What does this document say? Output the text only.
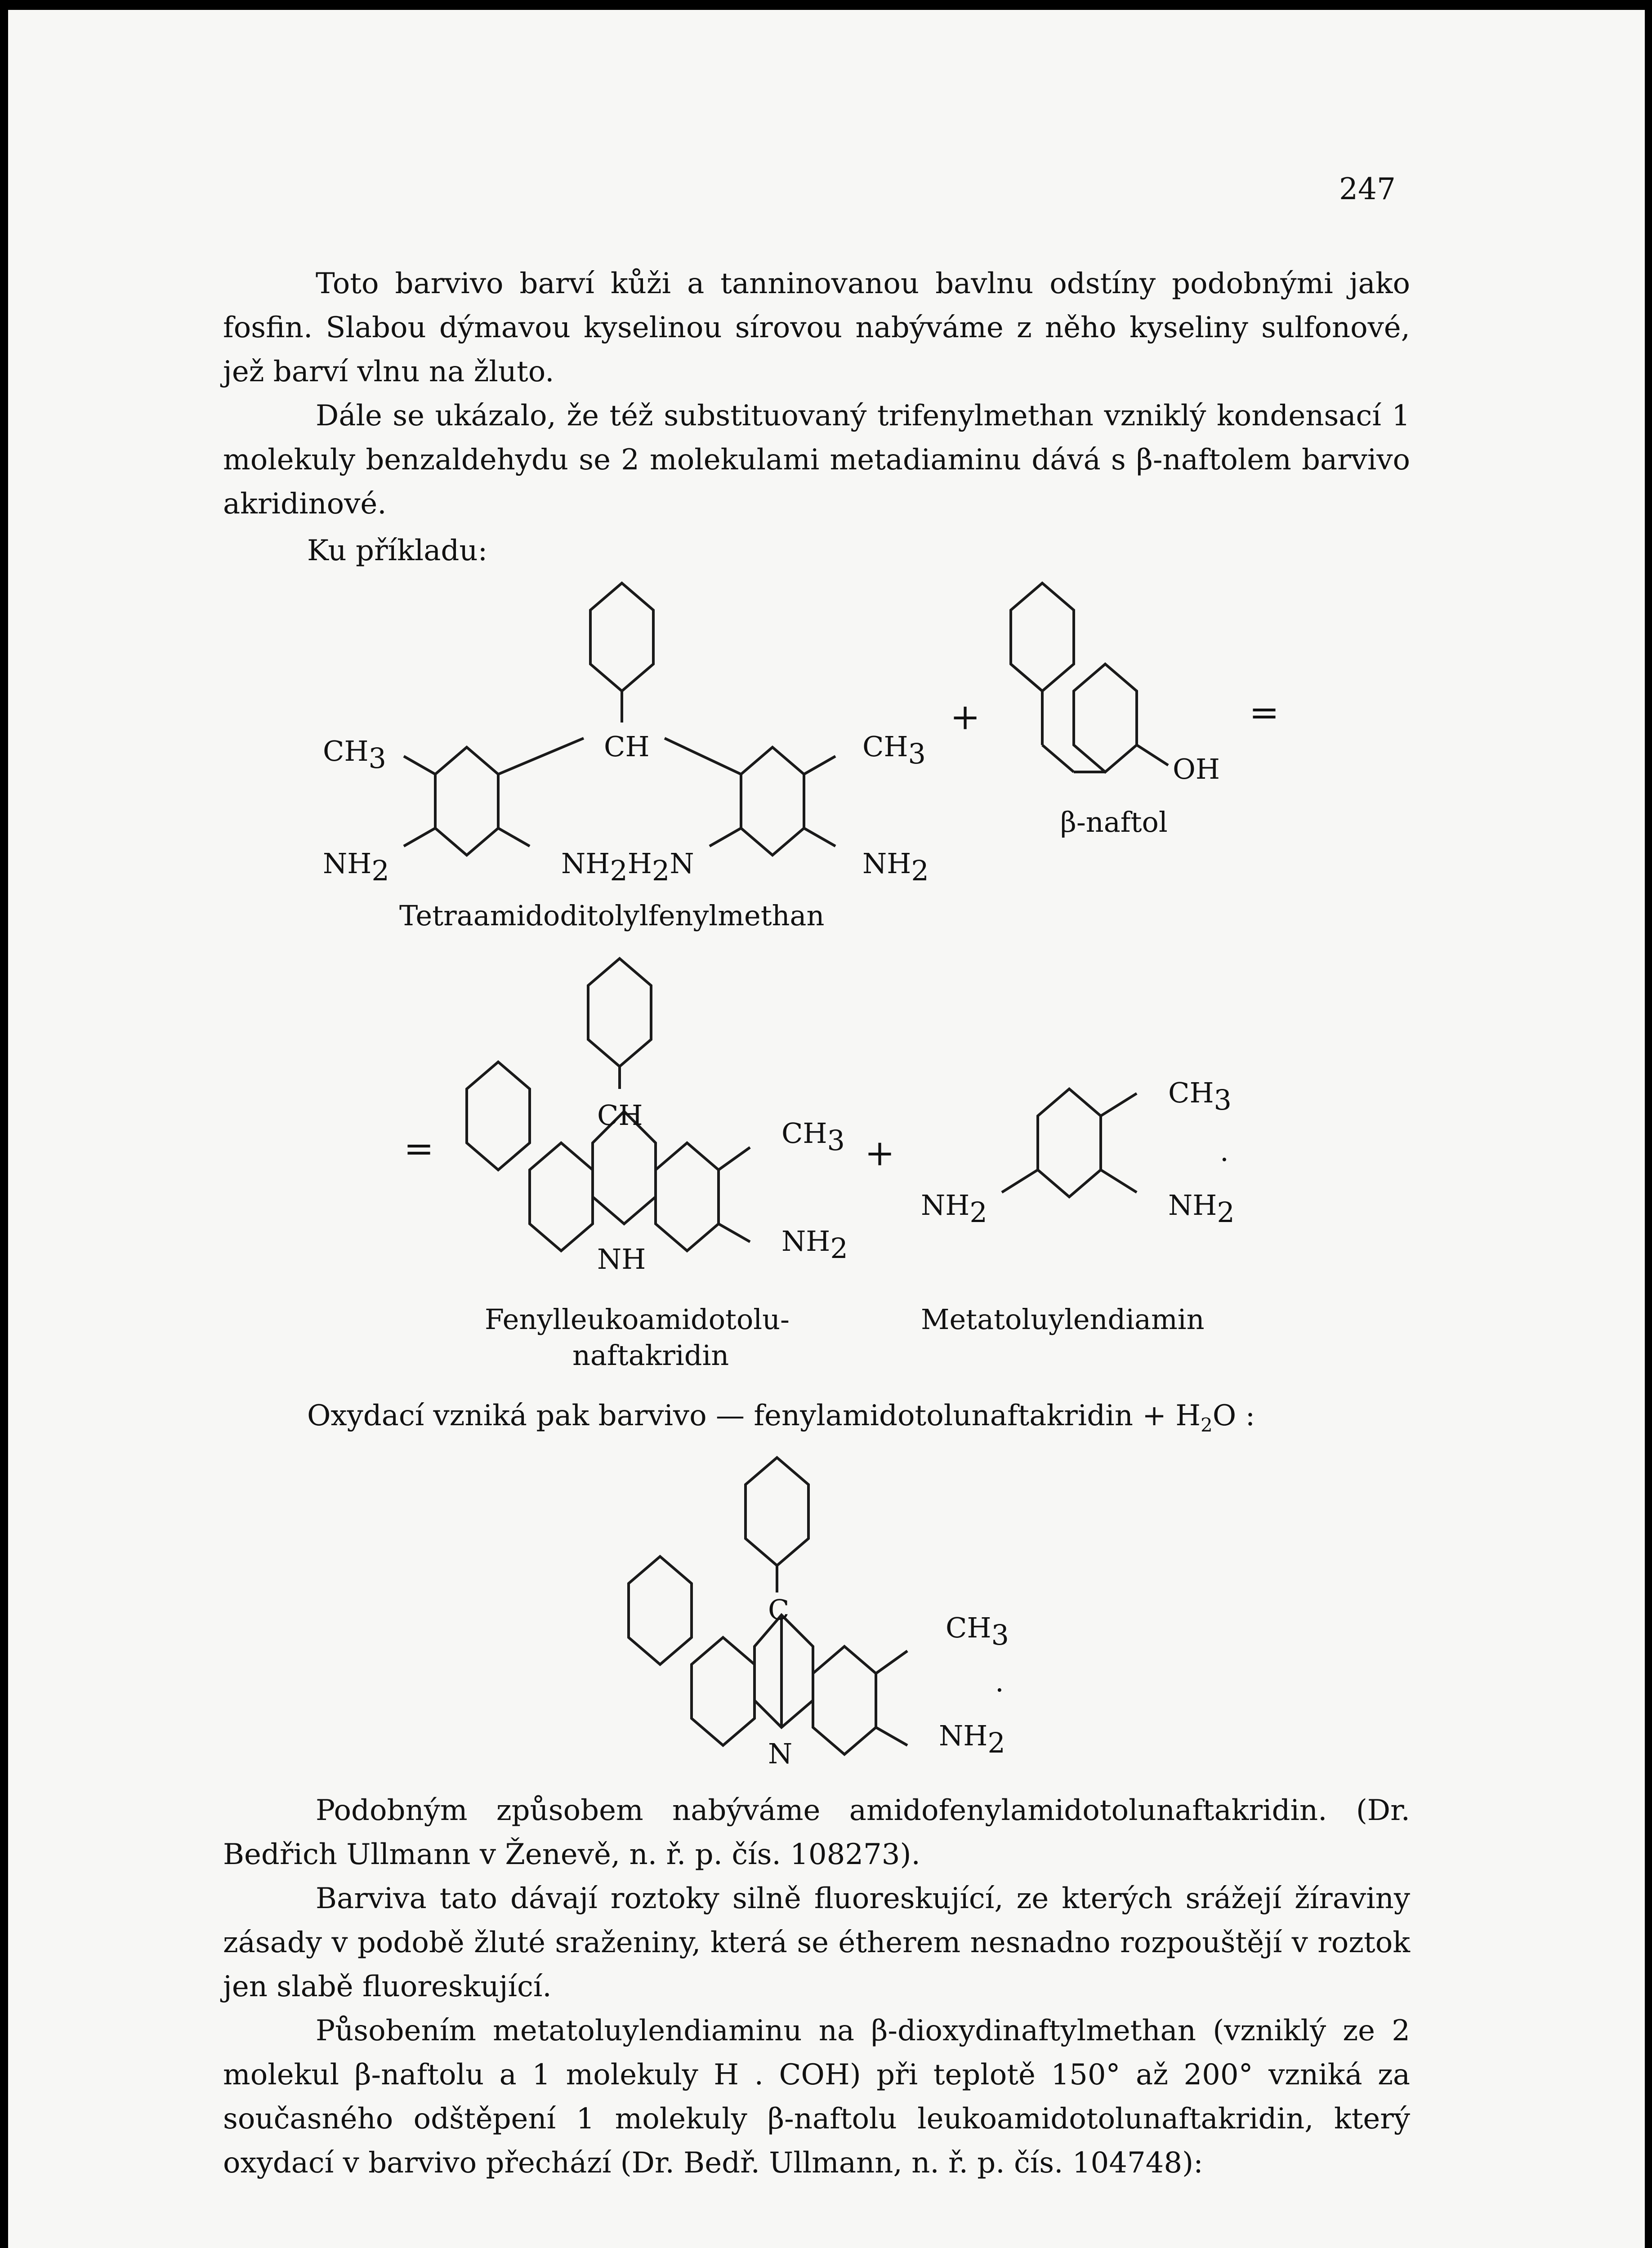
247

Toto barvivo barví kůži a tanninovanou bavlnu odstíny podobnými jako fosfin. Slabou dýmavou kyselinou sírovou nabýváme z něho kyseliny sulfonové, jež barví vlnu na žluto.

Dále se ukázalo, že též substituovaný trifenylmethan vzniklý kondensací 1 molekuly benzaldehydu se 2 molekulami metadiaminu dává s β-naftolem barvivo akridinové.

Ku příkladu:
CH
CH3	CH3
NH2	NH2H2N	NH2
+
OH
=
β-naftol
Tetraamidoditolylfenylmethan
=
CH
NH
CH3
NH2
+
CH3
.
NH2	NH2
Fenylleukoamidotolu-
naftakridin
Metatoluylendiamin
Oxydací vzniká pak barvivo — fenylamidotolunaftakridin + $H_2O$ :
C
N
CH3
.
NH2

Podobným způsobem nabýváme amidofenylamidotolunaftakridin. (Dr. Bedřich Ullmann v Ženevě, n. ř. p. čís. 108273).

Barviva tato dávají roztoky silně fluoreskující, ze kterých srážejí žíraviny zásady v podobě žluté sraženiny, která se étherem nesnadno rozpouštějí v roztok jen slabě fluoreskující.

Působením metatoluylendiaminu na β-dioxydinaftylmethan (vzniklý ze 2 molekul β-naftolu a 1 molekuly H . COH) při teplotě 150° až 200° vzniká za současného odštěpení 1 molekuly β-naftolu leukoamidotolunaftakridin, který oxydací v barvivo přechází (Dr. Bedř. Ullmann, n. ř. p. čís. 104748):
